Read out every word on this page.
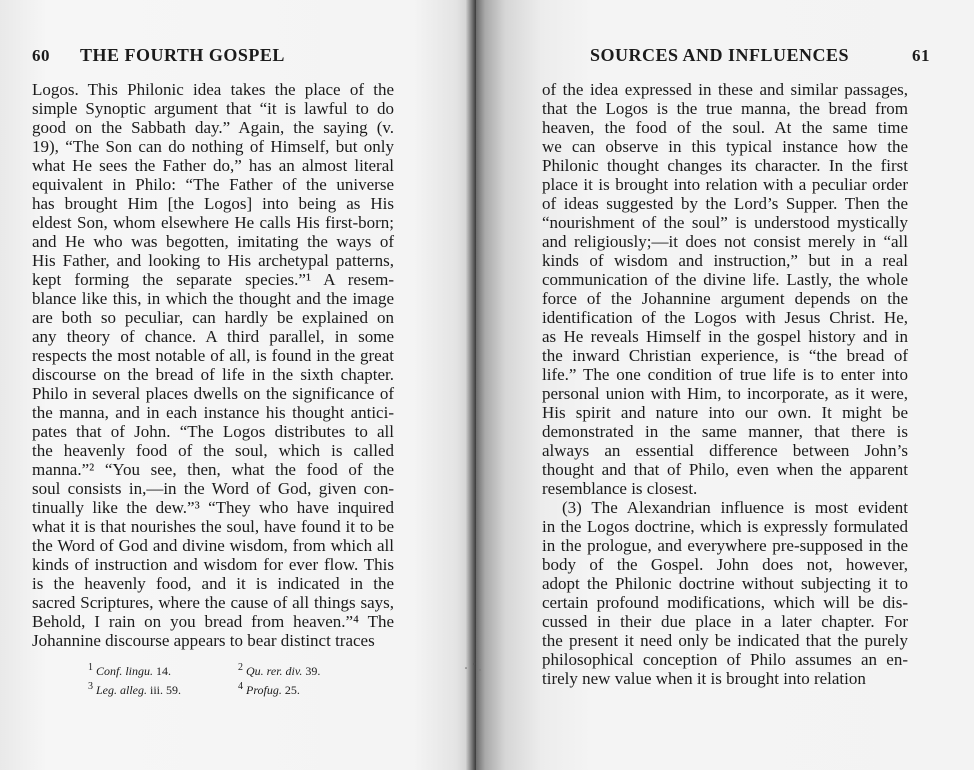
60 THE FOURTH GOSPEL
Logos. This Philonic idea takes the place of the
simple Synoptic argument that “it is lawful to do
good on the Sabbath day.” Again, the saying (v.
19), “The Son can do nothing of Himself, but only
what He sees the Father do,” has an almost literal
equivalent in Philo: “The Father of the universe
has brought Him [the Logos] into being as His
eldest Son, whom elsewhere He calls His first-born;
and He who was begotten, imitating the ways of
His Father, and looking to His archetypal patterns,
kept forming the separate species.”¹ A resem-
blance like this, in which the thought and the image
are both so peculiar, can hardly be explained on
any theory of chance. A third parallel, in some
respects the most notable of all, is found in the great
discourse on the bread of life in the sixth chapter.
Philo in several places dwells on the significance of
the manna, and in each instance his thought antici-
pates that of John. “The Logos distributes to all
the heavenly food of the soul, which is called
manna.”² “You see, then, what the food of the
soul consists in,—in the Word of God, given con-
tinually like the dew.”³ “They who have inquired
what it is that nourishes the soul, have found it to be
the Word of God and divine wisdom, from which all
kinds of instruction and wisdom for ever flow. This
is the heavenly food, and it is indicated in the
sacred Scriptures, where the cause of all things says,
Behold, I rain on you bread from heaven.”⁴ The
Johannine discourse appears to bear distinct traces
$^1$ Conf. lingu. 14.	$^2$ Qu. rer. div. 39.
$^3$ Leg. alleg. iii. 59.	$^4$ Profug. 25.
SOURCES AND INFLUENCES	61
of the idea expressed in these and similar passages,
that the Logos is the true manna, the bread from
heaven, the food of the soul. At the same time
we can observe in this typical instance how the
Philonic thought changes its character. In the first
place it is brought into relation with a peculiar order
of ideas suggested by the Lord’s Supper. Then the
“nourishment of the soul” is understood mystically
and religiously;—it does not consist merely in “all
kinds of wisdom and instruction,” but in a real
communication of the divine life. Lastly, the whole
force of the Johannine argument depends on the
identification of the Logos with Jesus Christ. He,
as He reveals Himself in the gospel history and in
the inward Christian experience, is “the bread of
life.” The one condition of true life is to enter into
personal union with Him, to incorporate, as it were,
His spirit and nature into our own. It might be
demonstrated in the same manner, that there is
always an essential difference between John’s
thought and that of Philo, even when the apparent
resemblance is closest.
(3) The Alexandrian influence is most evident
in the Logos doctrine, which is expressly formulated
in the prologue, and everywhere pre-supposed in the
body of the Gospel. John does not, however,
adopt the Philonic doctrine without subjecting it to
certain profound modifications, which will be dis-
cussed in their due place in a later chapter. For
the present it need only be indicated that the purely
philosophical conception of Philo assumes an en-
tirely new value when it is brought into relation
